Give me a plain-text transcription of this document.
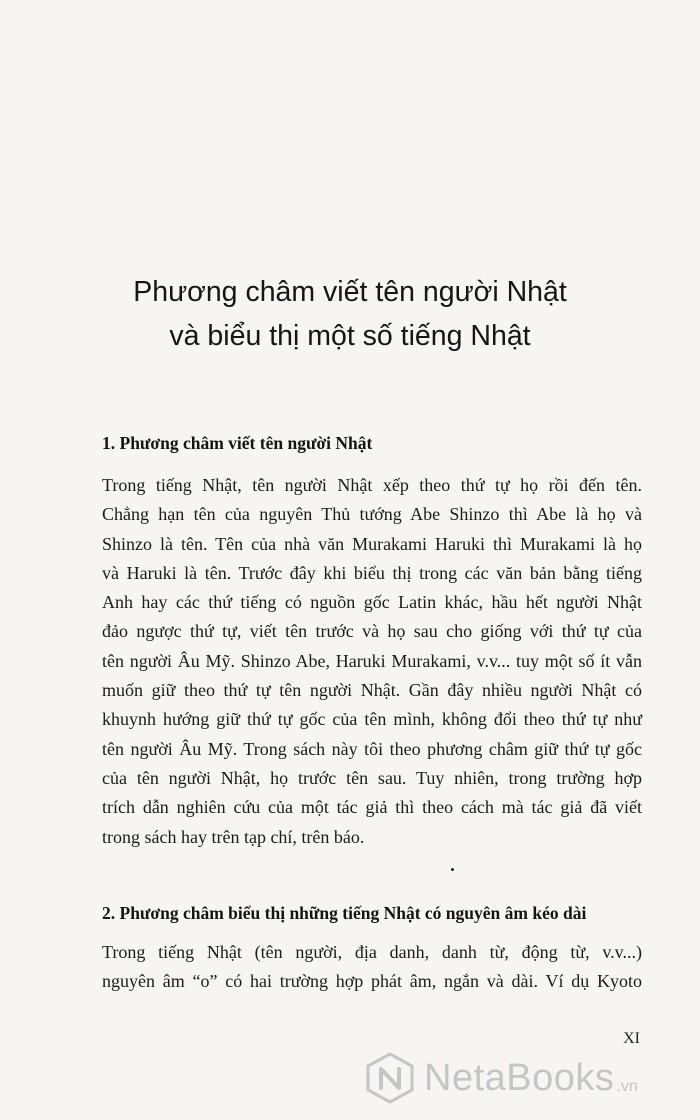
Phương châm viết tên người Nhật
và biểu thị một số tiếng Nhật
1. Phương châm viết tên người Nhật
Trong tiếng Nhật, tên người Nhật xếp theo thứ tự họ rồi đến tên.
Chẳng hạn tên của nguyên Thủ tướng Abe Shinzo thì Abe là họ và
Shinzo là tên. Tên của nhà văn Murakami Haruki thì Murakami là họ
và Haruki là tên. Trước đây khi biểu thị trong các văn bản bằng tiếng
Anh hay các thứ tiếng có nguồn gốc Latin khác, hầu hết người Nhật
đảo ngược thứ tự, viết tên trước và họ sau cho giống với thứ tự của
tên người Âu Mỹ. Shinzo Abe, Haruki Murakami, v.v... tuy một số ít vẫn
muốn giữ theo thứ tự tên người Nhật. Gần đây nhiều người Nhật có
khuynh hướng giữ thứ tự gốc của tên mình, không đổi theo thứ tự như
tên người Âu Mỹ. Trong sách này tôi theo phương châm giữ thứ tự gốc
của tên người Nhật, họ trước tên sau. Tuy nhiên, trong trường hợp
trích dẫn nghiên cứu của một tác giả thì theo cách mà tác giả đã viết
trong sách hay trên tạp chí, trên báo.
2. Phương châm biểu thị những tiếng Nhật có nguyên âm kéo dài
Trong tiếng Nhật (tên người, địa danh, danh từ, động từ, v.v...)
nguyên âm “o” có hai trường hợp phát âm, ngắn và dài. Ví dụ Kyoto
XI
NetaBooks .vn
